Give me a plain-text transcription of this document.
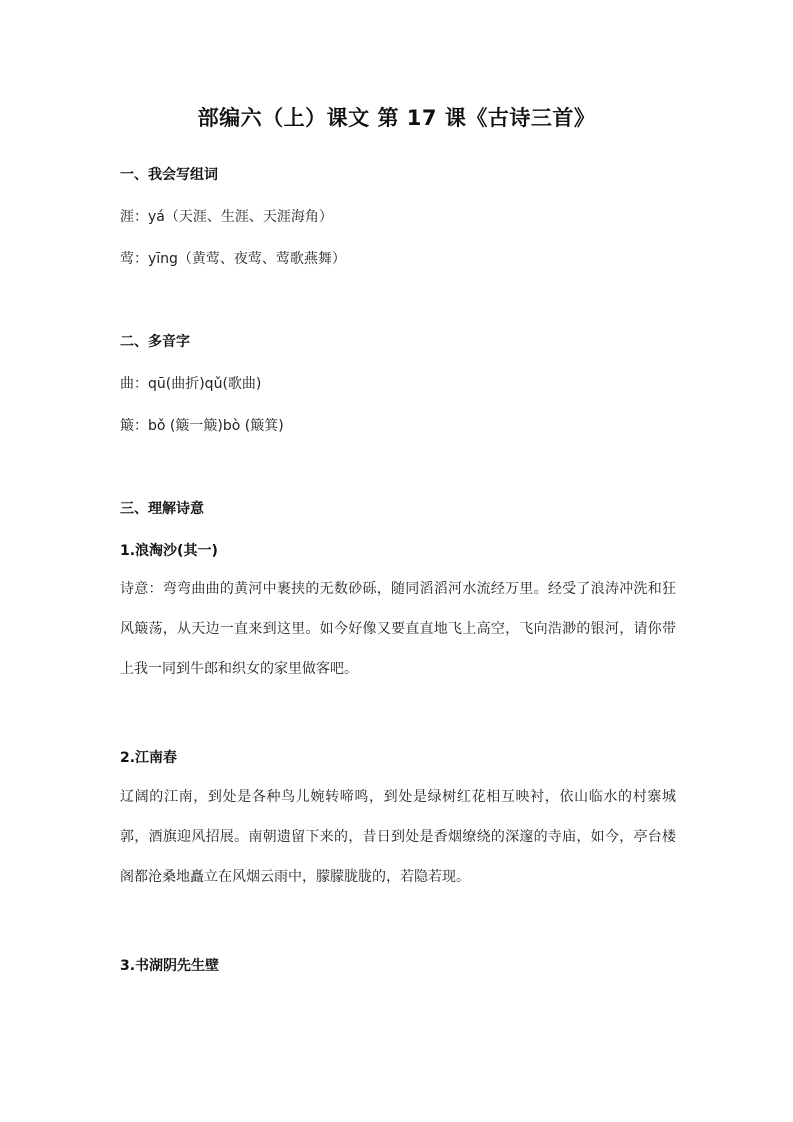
部编六（上）课文 第 17 课《古诗三首》
一、我会写组词
涯：yá（天涯、生涯、天涯海角）
莺：yīng（黄莺、夜莺、莺歌燕舞）
二、多音字
曲：qū(曲折)qǔ(歌曲)
簸：bǒ (簸一簸)bò (簸箕)
三、理解诗意
1.浪淘沙(其一)
诗意：弯弯曲曲的黄河中裹挟的无数砂砾，随同滔滔河水流经万里。经受了浪涛冲洗和狂风簸荡，从天边一直来到这里。如今好像又要直直地飞上高空，飞向浩渺的银河，请你带上我一同到牛郎和织女的家里做客吧。
2.江南春
辽阔的江南，到处是各种鸟儿婉转啼鸣，到处是绿树红花相互映衬，依山临水的村寨城郭，酒旗迎风招展。南朝遗留下来的，昔日到处是香烟缭绕的深邃的寺庙，如今，亭台楼阁都沧桑地矗立在风烟云雨中，朦朦胧胧的，若隐若现。
3.书湖阴先生壁
